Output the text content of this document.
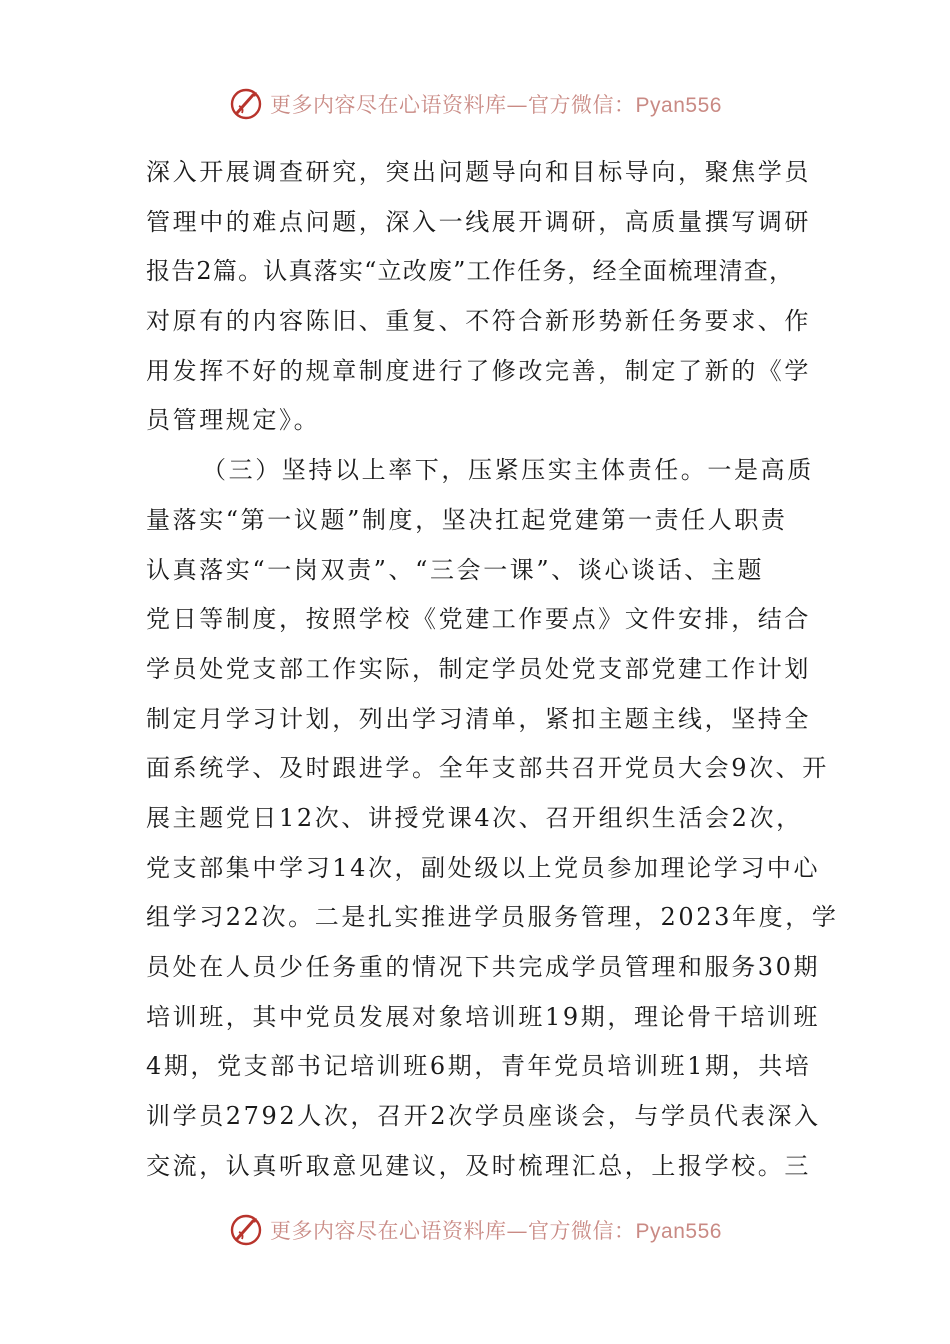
更多内容尽在心语资料库—官方微信：Pyan556
深入开展调查研究，突出问题导向和目标导向，聚焦学员
管理中的难点问题，深入一线展开调研，高质量撰写调研
报告2篇。认真落实“立改废”工作任务，经全面梳理清查，
对原有的内容陈旧、重复、不符合新形势新任务要求、作
用发挥不好的规章制度进行了修改完善，制定了新的《学
员管理规定》。
（三）坚持以上率下，压紧压实主体责任。一是高质
量落实“第一议题”制度，坚决扛起党建第一责任人职责
认真落实“一岗双责”、“三会一课”、谈心谈话、主题
党日等制度，按照学校《党建工作要点》文件安排，结合
学员处党支部工作实际，制定学员处党支部党建工作计划
制定月学习计划，列出学习清单，紧扣主题主线，坚持全
面系统学、及时跟进学。全年支部共召开党员大会9次、开
展主题党日12次、讲授党课4次、召开组织生活会2次，
党支部集中学习14次，副处级以上党员参加理论学习中心
组学习22次。二是扎实推进学员服务管理，2023年度，学
员处在人员少任务重的情况下共完成学员管理和服务30期
培训班，其中党员发展对象培训班19期，理论骨干培训班
4期，党支部书记培训班6期，青年党员培训班1期，共培
训学员2792人次，召开2次学员座谈会，与学员代表深入
交流，认真听取意见建议，及时梳理汇总，上报学校。三
更多内容尽在心语资料库—官方微信：Pyan556
